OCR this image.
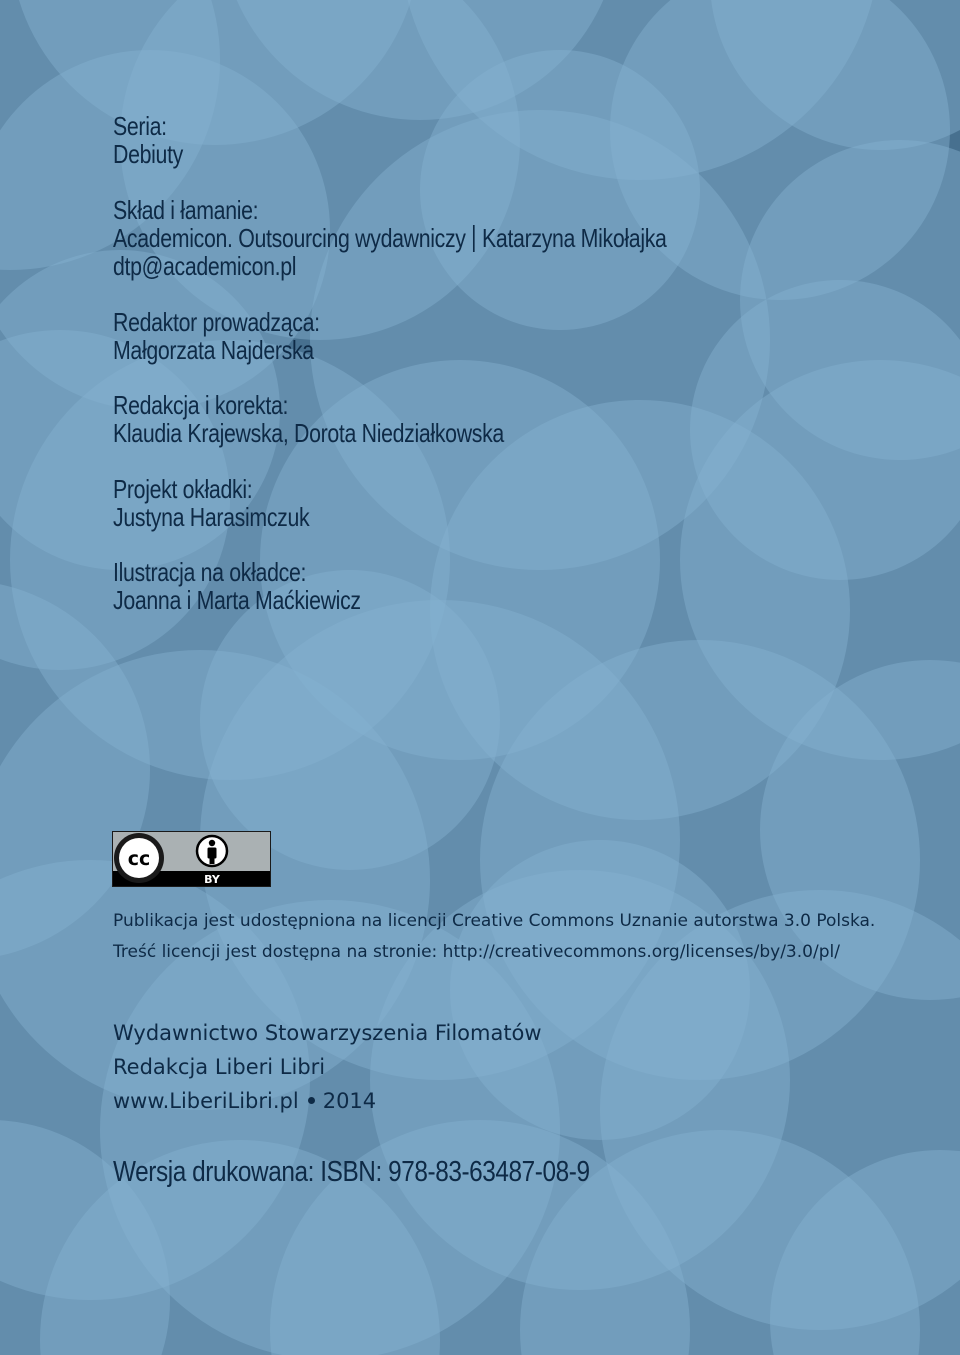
Seria:
Debiuty
Skład i łamanie:
Academicon. Outsourcing wydawniczy Katarzyna Mikołajka
dtp@academicon.pl
Redaktor prowadząca:
Małgorzata Najderska
Redakcja i korekta:
Klaudia Krajewska, Dorota Niedziałkowska
Projekt okładki:
Justyna Harasimczuk
Ilustracja na okładce:
Joanna i Marta Maćkiewicz
cc
BY
Publikacja jest udostępniona na licencji Creative Commons Uznanie autorstwa 3.0 Polska.
Treść licencji jest dostępna na stronie: http://creativecommons.org/licenses/by/3.0/pl/
Wydawnictwo Stowarzyszenia Filomatów
Redakcja Liberi Libri
www.LiberiLibri.pl 2014
Wersja drukowana: ISBN: 978-83-63487-08-9
